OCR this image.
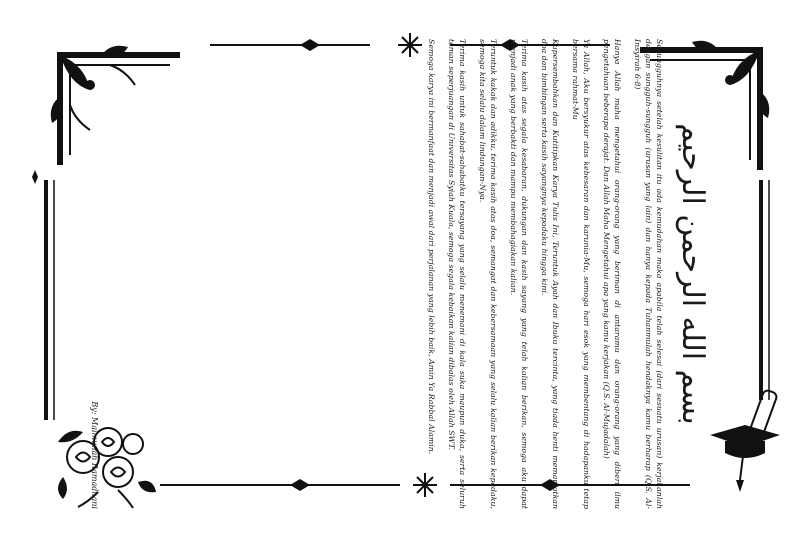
بسم الله الرحمن الرحيم

Sesungguhnya setelah kesulitan itu ada kemudahan maka apabila telah selesai (dari sesuatu urusan) kerjakanlah dengan sungguh-sungguh (urusan yang lain) dan hanya kepada Tuhanmulah hendaknya kamu berharap (Q.S. Al-Insyirah 6-8)

Hanya Allah maha mengetahui orang-orang yang beriman di antaramu dan orang-orang yang diberi ilmu pengetahuan beberapa derajat. Dan Allah Maha Mengetahui apa yang kamu kerjakan (Q.S. Al-Mujadalah)

Ya Allah, Aku bersyukur atas kebesaran dan karunia-Mu, semoga hari esok yang membentang di hadapanku tetap bersama rahmat-Mu

Kupersembahkan dan Kutitipkan Karya Tulis Ini, Teruntuk Ayah dan Ibuku tercinta, yang tiada henti memanjatkan doa dan bimbingan serta kasih sayangnya kepadaku hingga kini.

Terima kasih atas segala kesabaran, dukungan dan kasih sayang yang telah kalian berikan, semoga aku dapat menjadi anak yang berbakti dan mampu membahagiakan kalian.

Teruntuk kakak dan adikku, terima kasih atas doa, semangat dan kebersamaan yang selalu kalian berikan kepadaku, semoga kita selalu dalam lindungan-Nya.

Terima kasih untuk sahabat-sahabatku tersayang yang selalu menemani di kala suka maupun duka, serta seluruh teman seperjuangan di Universitas Syiah Kuala, semoga segala kebaikan kalian dibalas oleh Allah SWT.

Semoga karya ini bermanfaat dan menjadi awal dari perjalanan yang lebih baik, Amin Ya Rabbal Alamin.

By: Maimunah Ramadhani
